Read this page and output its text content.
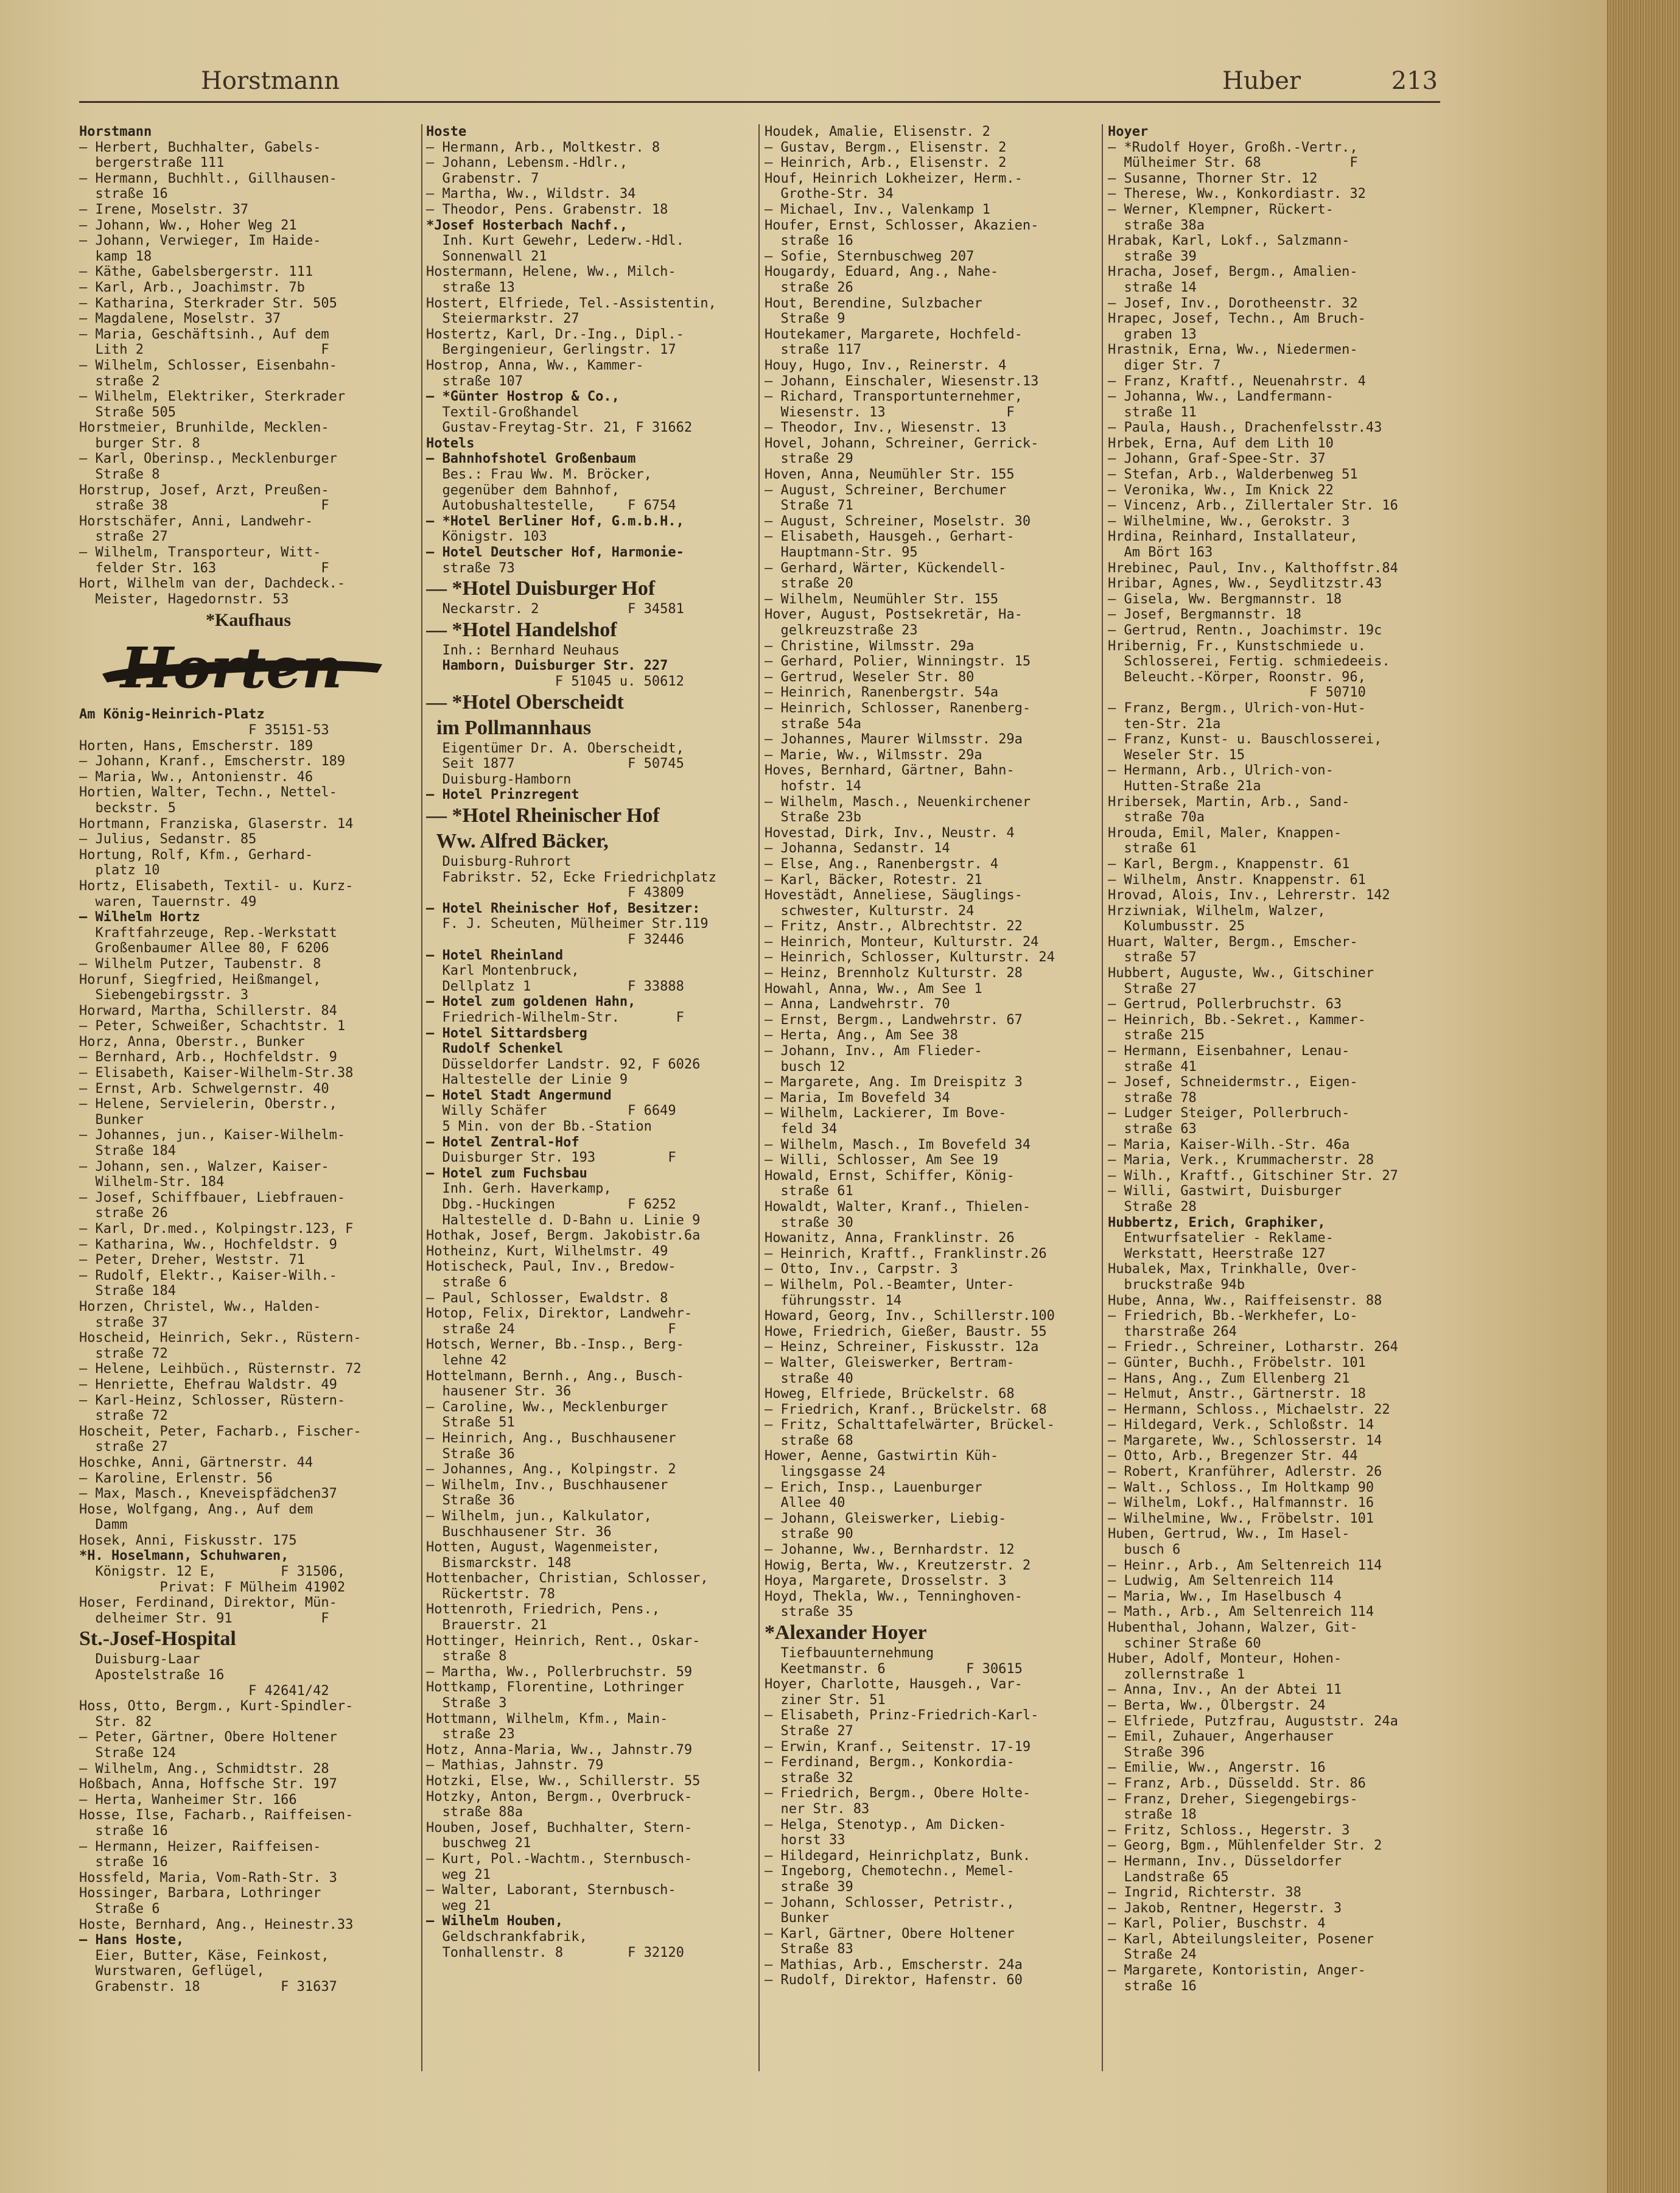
Horstmann	Huber	213
Horstmann
— Herbert, Buchhalter, Gabels-
bergerstraße 111
— Hermann, Buchhlt., Gillhausen-
straße 16
— Irene, Moselstr. 37
— Johann, Ww., Hoher Weg 21
— Johann, Verwieger, Im Haide-
kamp 18
— Käthe, Gabelsbergerstr. 111
— Karl, Arb., Joachimstr. 7b
— Katharina, Sterkrader Str. 505
— Magdalene, Moselstr. 37
— Maria, Geschäftsinh., Auf dem
Lith 2                      F
— Wilhelm, Schlosser, Eisenbahn-
straße 2
— Wilhelm, Elektriker, Sterkrader
Straße 505
Horstmeier, Brunhilde, Mecklen-
burger Str. 8
— Karl, Oberinsp., Mecklenburger
Straße 8
Horstrup, Josef, Arzt, Preußen-
straße 38                   F
Horstschäfer, Anni, Landwehr-
straße 27
— Wilhelm, Transporteur, Witt-
felder Str. 163             F
Hort, Wilhelm van der, Dachdeck.-
Meister, Hagedornstr. 53
*Kaufhaus
Horten
Am König-Heinrich-Platz
F 35151-53
Horten, Hans, Emscherstr. 189
— Johann, Kranf., Emscherstr. 189
— Maria, Ww., Antonienstr. 46
Hortien, Walter, Techn., Nettel-
beckstr. 5
Hortmann, Franziska, Glaserstr. 14
— Julius, Sedanstr. 85
Hortung, Rolf, Kfm., Gerhard-
platz 10
Hortz, Elisabeth, Textil- u. Kurz-
waren, Tauernstr. 49
— Wilhelm Hortz
Kraftfahrzeuge, Rep.-Werkstatt
Großenbaumer Allee 80, F 6206
— Wilhelm Putzer, Taubenstr. 8
Horunf, Siegfried, Heißmangel,
Siebengebirgsstr. 3
Horward, Martha, Schillerstr. 84
— Peter, Schweißer, Schachtstr. 1
Horz, Anna, Oberstr., Bunker
— Bernhard, Arb., Hochfeldstr. 9
— Elisabeth, Kaiser-Wilhelm-Str.38
— Ernst, Arb. Schwelgernstr. 40
— Helene, Servielerin, Oberstr.,
Bunker
— Johannes, jun., Kaiser-Wilhelm-
Straße 184
— Johann, sen., Walzer, Kaiser-
Wilhelm-Str. 184
— Josef, Schiffbauer, Liebfrauen-
straße 26
— Karl, Dr.med., Kolpingstr.123, F
— Katharina, Ww., Hochfeldstr. 9
— Peter, Dreher, Weststr. 71
— Rudolf, Elektr., Kaiser-Wilh.-
Straße 184
Horzen, Christel, Ww., Halden-
straße 37
Hoscheid, Heinrich, Sekr., Rüstern-
straße 72
— Helene, Leihbüch., Rüsternstr. 72
— Henriette, Ehefrau Waldstr. 49
— Karl-Heinz, Schlosser, Rüstern-
straße 72
Hoscheit, Peter, Facharb., Fischer-
straße 27
Hoschke, Anni, Gärtnerstr. 44
— Karoline, Erlenstr. 56
— Max, Masch., Kneveispfädchen37
Hose, Wolfgang, Ang., Auf dem
Damm
Hosek, Anni, Fiskusstr. 175
*H. Hoselmann, Schuhwaren,
Königstr. 12 E,        F 31506,
Privat: F Mülheim 41902
Hoser, Ferdinand, Direktor, Mün-
delheimer Str. 91           F
St.-Josef-Hospital
Duisburg-Laar
Apostelstraße 16
F 42641/42
Hoss, Otto, Bergm., Kurt-Spindler-
Str. 82
— Peter, Gärtner, Obere Holtener
Straße 124
— Wilhelm, Ang., Schmidtstr. 28
Hoßbach, Anna, Hoffsche Str. 197
— Herta, Wanheimer Str. 166
Hosse, Ilse, Facharb., Raiffeisen-
straße 16
— Hermann, Heizer, Raiffeisen-
straße 16
Hossfeld, Maria, Vom-Rath-Str. 3
Hossinger, Barbara, Lothringer
Straße 6
Hoste, Bernhard, Ang., Heinestr.33
— Hans Hoste,
Eier, Butter, Käse, Feinkost,
Wurstwaren, Geflügel,
Grabenstr. 18          F 31637
Hoste
— Hermann, Arb., Moltkestr. 8
— Johann, Lebensm.-Hdlr.,
Grabenstr. 7
— Martha, Ww., Wildstr. 34
— Theodor, Pens. Grabenstr. 18
*Josef Hosterbach Nachf.,
Inh. Kurt Gewehr, Lederw.-Hdl.
Sonnenwall 21
Hostermann, Helene, Ww., Milch-
straße 13
Hostert, Elfriede, Tel.-Assistentin,
Steiermarkstr. 27
Hostertz, Karl, Dr.-Ing., Dipl.-
Bergingenieur, Gerlingstr. 17
Hostrop, Anna, Ww., Kammer-
straße 107
— *Günter Hostrop & Co.,
Textil-Großhandel
Gustav-Freytag-Str. 21, F 31662
Hotels
— Bahnhofshotel Großenbaum
Bes.: Frau Ww. M. Bröcker,
gegenüber dem Bahnhof,
Autobushaltestelle,    F 6754
— *Hotel Berliner Hof, G.m.b.H.,
Königstr. 103
— Hotel Deutscher Hof, Harmonie-
straße 73
— *Hotel Duisburger Hof
Neckarstr. 2           F 34581
— *Hotel Handelshof
Inh.: Bernhard Neuhaus
Hamborn, Duisburger Str. 227
F 51045 u. 50612
— *Hotel Oberscheidt
im Pollmannhaus
Eigentümer Dr. A. Oberscheidt,
Seit 1877              F 50745
Duisburg-Hamborn
— Hotel Prinzregent
— *Hotel Rheinischer Hof
Ww. Alfred Bäcker,
Duisburg-Ruhrort
Fabrikstr. 52, Ecke Friedrichplatz
F 43809
— Hotel Rheinischer Hof, Besitzer:
F. J. Scheuten, Mülheimer Str.119
F 32446
— Hotel Rheinland
Karl Montenbruck,
Dellplatz 1            F 33888
— Hotel zum goldenen Hahn,
Friedrich-Wilhelm-Str.       F
— Hotel Sittardsberg
Rudolf Schenkel
Düsseldorfer Landstr. 92, F 6026
Haltestelle der Linie 9
— Hotel Stadt Angermund
Willy Schäfer          F 6649
5 Min. von der Bb.-Station
— Hotel Zentral-Hof
Duisburger Str. 193         F
— Hotel zum Fuchsbau
Inh. Gerh. Haverkamp,
Dbg.-Huckingen         F 6252
Haltestelle d. D-Bahn u. Linie 9
Hothak, Josef, Bergm. Jakobistr.6a
Hotheinz, Kurt, Wilhelmstr. 49
Hotischeck, Paul, Inv., Bredow-
straße 6
— Paul, Schlosser, Ewaldstr. 8
Hotop, Felix, Direktor, Landwehr-
straße 24                   F
Hotsch, Werner, Bb.-Insp., Berg-
lehne 42
Hottelmann, Bernh., Ang., Busch-
hausener Str. 36
— Caroline, Ww., Mecklenburger
Straße 51
— Heinrich, Ang., Buschhausener
Straße 36
— Johannes, Ang., Kolpingstr. 2
— Wilhelm, Inv., Buschhausener
Straße 36
— Wilhelm, jun., Kalkulator,
Buschhausener Str. 36
Hotten, August, Wagenmeister,
Bismarckstr. 148
Hottenbacher, Christian, Schlosser,
Rückertstr. 78
Hottenroth, Friedrich, Pens.,
Brauerstr. 21
Hottinger, Heinrich, Rent., Oskar-
straße 8
— Martha, Ww., Pollerbruchstr. 59
Hottkamp, Florentine, Lothringer
Straße 3
Hottmann, Wilhelm, Kfm., Main-
straße 23
Hotz, Anna-Maria, Ww., Jahnstr.79
— Mathias, Jahnstr. 79
Hotzki, Else, Ww., Schillerstr. 55
Hotzky, Anton, Bergm., Overbruck-
straße 88a
Houben, Josef, Buchhalter, Stern-
buschweg 21
— Kurt, Pol.-Wachtm., Sternbusch-
weg 21
— Walter, Laborant, Sternbusch-
weg 21
— Wilhelm Houben,
Geldschrankfabrik,
Tonhallenstr. 8        F 32120
Houdek, Amalie, Elisenstr. 2
— Gustav, Bergm., Elisenstr. 2
— Heinrich, Arb., Elisenstr. 2
Houf, Heinrich Lokheizer, Herm.-
Grothe-Str. 34
— Michael, Inv., Valenkamp 1
Houfer, Ernst, Schlosser, Akazien-
straße 16
— Sofie, Sternbuschweg 207
Hougardy, Eduard, Ang., Nahe-
straße 26
Hout, Berendine, Sulzbacher
Straße 9
Houtekamer, Margarete, Hochfeld-
straße 117
Houy, Hugo, Inv., Reinerstr. 4
— Johann, Einschaler, Wiesenstr.13
— Richard, Transportunternehmer,
Wiesenstr. 13               F
— Theodor, Inv., Wiesenstr. 13
Hovel, Johann, Schreiner, Gerrick-
straße 29
Hoven, Anna, Neumühler Str. 155
— August, Schreiner, Berchumer
Straße 71
— August, Schreiner, Moselstr. 30
— Elisabeth, Hausgeh., Gerhart-
Hauptmann-Str. 95
— Gerhard, Wärter, Kückendell-
straße 20
— Wilhelm, Neumühler Str. 155
Hover, August, Postsekretär, Ha-
gelkreuzstraße 23
— Christine, Wilmsstr. 29a
— Gerhard, Polier, Winningstr. 15
— Gertrud, Weseler Str. 80
— Heinrich, Ranenbergstr. 54a
— Heinrich, Schlosser, Ranenberg-
straße 54a
— Johannes, Maurer Wilmsstr. 29a
— Marie, Ww., Wilmsstr. 29a
Hoves, Bernhard, Gärtner, Bahn-
hofstr. 14
— Wilhelm, Masch., Neuenkirchener
Straße 23b
Hovestad, Dirk, Inv., Neustr. 4
— Johanna, Sedanstr. 14
— Else, Ang., Ranenbergstr. 4
— Karl, Bäcker, Rotestr. 21
Hovestädt, Anneliese, Säuglings-
schwester, Kulturstr. 24
— Fritz, Anstr., Albrechtstr. 22
— Heinrich, Monteur, Kulturstr. 24
— Heinrich, Schlosser, Kulturstr. 24
— Heinz, Brennholz Kulturstr. 28
Howahl, Anna, Ww., Am See 1
— Anna, Landwehrstr. 70
— Ernst, Bergm., Landwehrstr. 67
— Herta, Ang., Am See 38
— Johann, Inv., Am Flieder-
busch 12
— Margarete, Ang. Im Dreispitz 3
— Maria, Im Bovefeld 34
— Wilhelm, Lackierer, Im Bove-
feld 34
— Wilhelm, Masch., Im Bovefeld 34
— Willi, Schlosser, Am See 19
Howald, Ernst, Schiffer, König-
straße 61
Howaldt, Walter, Kranf., Thielen-
straße 30
Howanitz, Anna, Franklinstr. 26
— Heinrich, Kraftf., Franklinstr.26
— Otto, Inv., Carpstr. 3
— Wilhelm, Pol.-Beamter, Unter-
führungsstr. 14
Howard, Georg, Inv., Schillerstr.100
Howe, Friedrich, Gießer, Baustr. 55
— Heinz, Schreiner, Fiskusstr. 12a
— Walter, Gleiswerker, Bertram-
straße 40
Howeg, Elfriede, Brückelstr. 68
— Friedrich, Kranf., Brückelstr. 68
— Fritz, Schalttafelwärter, Brückel-
straße 68
Hower, Aenne, Gastwirtin Küh-
lingsgasse 24
— Erich, Insp., Lauenburger
Allee 40
— Johann, Gleiswerker, Liebig-
straße 90
— Johanne, Ww., Bernhardstr. 12
Howig, Berta, Ww., Kreutzerstr. 2
Hoya, Margarete, Drosselstr. 3
Hoyd, Thekla, Ww., Tenninghoven-
straße 35
*Alexander Hoyer
Tiefbauunternehmung
Keetmanstr. 6          F 30615
Hoyer, Charlotte, Hausgeh., Var-
ziner Str. 51
— Elisabeth, Prinz-Friedrich-Karl-
Straße 27
— Erwin, Kranf., Seitenstr. 17-19
— Ferdinand, Bergm., Konkordia-
straße 32
— Friedrich, Bergm., Obere Holte-
ner Str. 83
— Helga, Stenotyp., Am Dicken-
horst 33
— Hildegard, Heinrichplatz, Bunk.
— Ingeborg, Chemotechn., Memel-
straße 39
— Johann, Schlosser, Petristr.,
Bunker
— Karl, Gärtner, Obere Holtener
Straße 83
— Mathias, Arb., Emscherstr. 24a
— Rudolf, Direktor, Hafenstr. 60
Hoyer
— *Rudolf Hoyer, Großh.-Vertr.,
Mülheimer Str. 68           F
— Susanne, Thorner Str. 12
— Therese, Ww., Konkordiastr. 32
— Werner, Klempner, Rückert-
straße 38a
Hrabak, Karl, Lokf., Salzmann-
straße 39
Hracha, Josef, Bergm., Amalien-
straße 14
— Josef, Inv., Dorotheenstr. 32
Hrapec, Josef, Techn., Am Bruch-
graben 13
Hrastnik, Erna, Ww., Niedermen-
diger Str. 7
— Franz, Kraftf., Neuenahrstr. 4
— Johanna, Ww., Landfermann-
straße 11
— Paula, Haush., Drachenfelsstr.43
Hrbek, Erna, Auf dem Lith 10
— Johann, Graf-Spee-Str. 37
— Stefan, Arb., Walderbenweg 51
— Veronika, Ww., Im Knick 22
— Vincenz, Arb., Zillertaler Str. 16
— Wilhelmine, Ww., Gerokstr. 3
Hrdina, Reinhard, Installateur,
Am Bört 163
Hrebinec, Paul, Inv., Kalthoffstr.84
Hribar, Agnes, Ww., Seydlitzstr.43
— Gisela, Ww. Bergmannstr. 18
— Josef, Bergmannstr. 18
— Gertrud, Rentn., Joachimstr. 19c
Hribernig, Fr., Kunstschmiede u.
Schlosserei, Fertig. schmiedeeis.
Beleucht.-Körper, Roonstr. 96,
F 50710
— Franz, Bergm., Ulrich-von-Hut-
ten-Str. 21a
— Franz, Kunst- u. Bauschlosserei,
Weseler Str. 15
— Hermann, Arb., Ulrich-von-
Hutten-Straße 21a
Hribersek, Martin, Arb., Sand-
straße 70a
Hrouda, Emil, Maler, Knappen-
straße 61
— Karl, Bergm., Knappenstr. 61
— Wilhelm, Anstr. Knappenstr. 61
Hrovad, Alois, Inv., Lehrerstr. 142
Hrziwniak, Wilhelm, Walzer,
Kolumbusstr. 25
Huart, Walter, Bergm., Emscher-
straße 57
Hubbert, Auguste, Ww., Gitschiner
Straße 27
— Gertrud, Pollerbruchstr. 63
— Heinrich, Bb.-Sekret., Kammer-
straße 215
— Hermann, Eisenbahner, Lenau-
straße 41
— Josef, Schneidermstr., Eigen-
straße 78
— Ludger Steiger, Pollerbruch-
straße 63
— Maria, Kaiser-Wilh.-Str. 46a
— Maria, Verk., Krummacherstr. 28
— Wilh., Kraftf., Gitschiner Str. 27
— Willi, Gastwirt, Duisburger
Straße 28
Hubbertz, Erich, Graphiker,
Entwurfsatelier - Reklame-
Werkstatt, Heerstraße 127
Hubalek, Max, Trinkhalle, Over-
bruckstraße 94b
Hube, Anna, Ww., Raiffeisenstr. 88
— Friedrich, Bb.-Werkhefer, Lo-
tharstraße 264
— Friedr., Schreiner, Lotharstr. 264
— Günter, Buchh., Fröbelstr. 101
— Hans, Ang., Zum Ellenberg 21
— Helmut, Anstr., Gärtnerstr. 18
— Hermann, Schloss., Michaelstr. 22
— Hildegard, Verk., Schloßstr. 14
— Margarete, Ww., Schlosserstr. 14
— Otto, Arb., Bregenzer Str. 44
— Robert, Kranführer, Adlerstr. 26
— Walt., Schloss., Im Holtkamp 90
— Wilhelm, Lokf., Halfmannstr. 16
— Wilhelmine, Ww., Fröbelstr. 101
Huben, Gertrud, Ww., Im Hasel-
busch 6
— Heinr., Arb., Am Seltenreich 114
— Ludwig, Am Seltenreich 114
— Maria, Ww., Im Haselbusch 4
— Math., Arb., Am Seltenreich 114
Hubenthal, Johann, Walzer, Git-
schiner Straße 60
Huber, Adolf, Monteur, Hohen-
zollernstraße 1
— Anna, Inv., An der Abtei 11
— Berta, Ww., Ölbergstr. 24
— Elfriede, Putzfrau, Auguststr. 24a
— Emil, Zuhauer, Angerhauser
Straße 396
— Emilie, Ww., Angerstr. 16
— Franz, Arb., Düsseldd. Str. 86
— Franz, Dreher, Siegengebirgs-
straße 18
— Fritz, Schloss., Hegerstr. 3
— Georg, Bgm., Mühlenfelder Str. 2
— Hermann, Inv., Düsseldorfer
Landstraße 65
— Ingrid, Richterstr. 38
— Jakob, Rentner, Hegerstr. 3
— Karl, Polier, Buschstr. 4
— Karl, Abteilungsleiter, Posener
Straße 24
— Margarete, Kontoristin, Anger-
straße 16
